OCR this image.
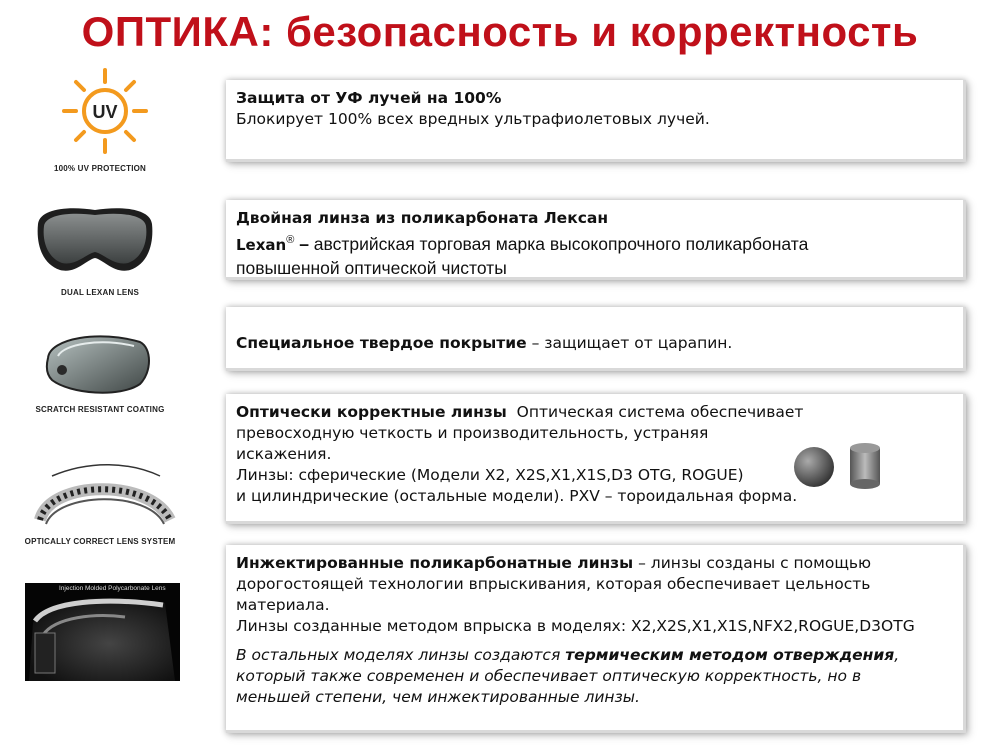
ОПТИКА: безопасность и корректность
UV
100% UV PROTECTION
DUAL LEXAN LENS
SCRATCH RESISTANT COATING
OPTICALLY CORRECT LENS SYSTEM
Injection Molded Polycarbonate Lens
Защита от УФ лучей на 100%
Блокирует 100% всех вредных ультрафиолетовых лучей.
Двойная линза из поликарбоната Лексан
Lexan® – австрийская торговая марка высокопрочного поликарбоната
повышенной оптической чистоты
Специальное твердое покрытие – защищает от царапин.
Оптически корректные линзы  Оптическая система обеспечивает
превосходную четкость и производительность, устраняя
искажения.
Линзы: сферические (Модели X2, X2S,X1,X1S,D3 OTG, ROGUE)
и цилиндрические (остальные модели). PXV – тороидальная форма.
Инжектированные поликарбонатные линзы – линзы созданы с помощью
дорогостоящей технологии впрыскивания, которая обеспечивает цельность
материала.
Линзы созданные методом впрыска в моделях: X2,X2S,X1,X1S,NFX2,ROGUE,D3OTG
В остальных моделях линзы создаются термическим методом отверждения,
который также современен и обеспечивает оптическую корректность, но в
меньшей степени, чем инжектированные линзы.
